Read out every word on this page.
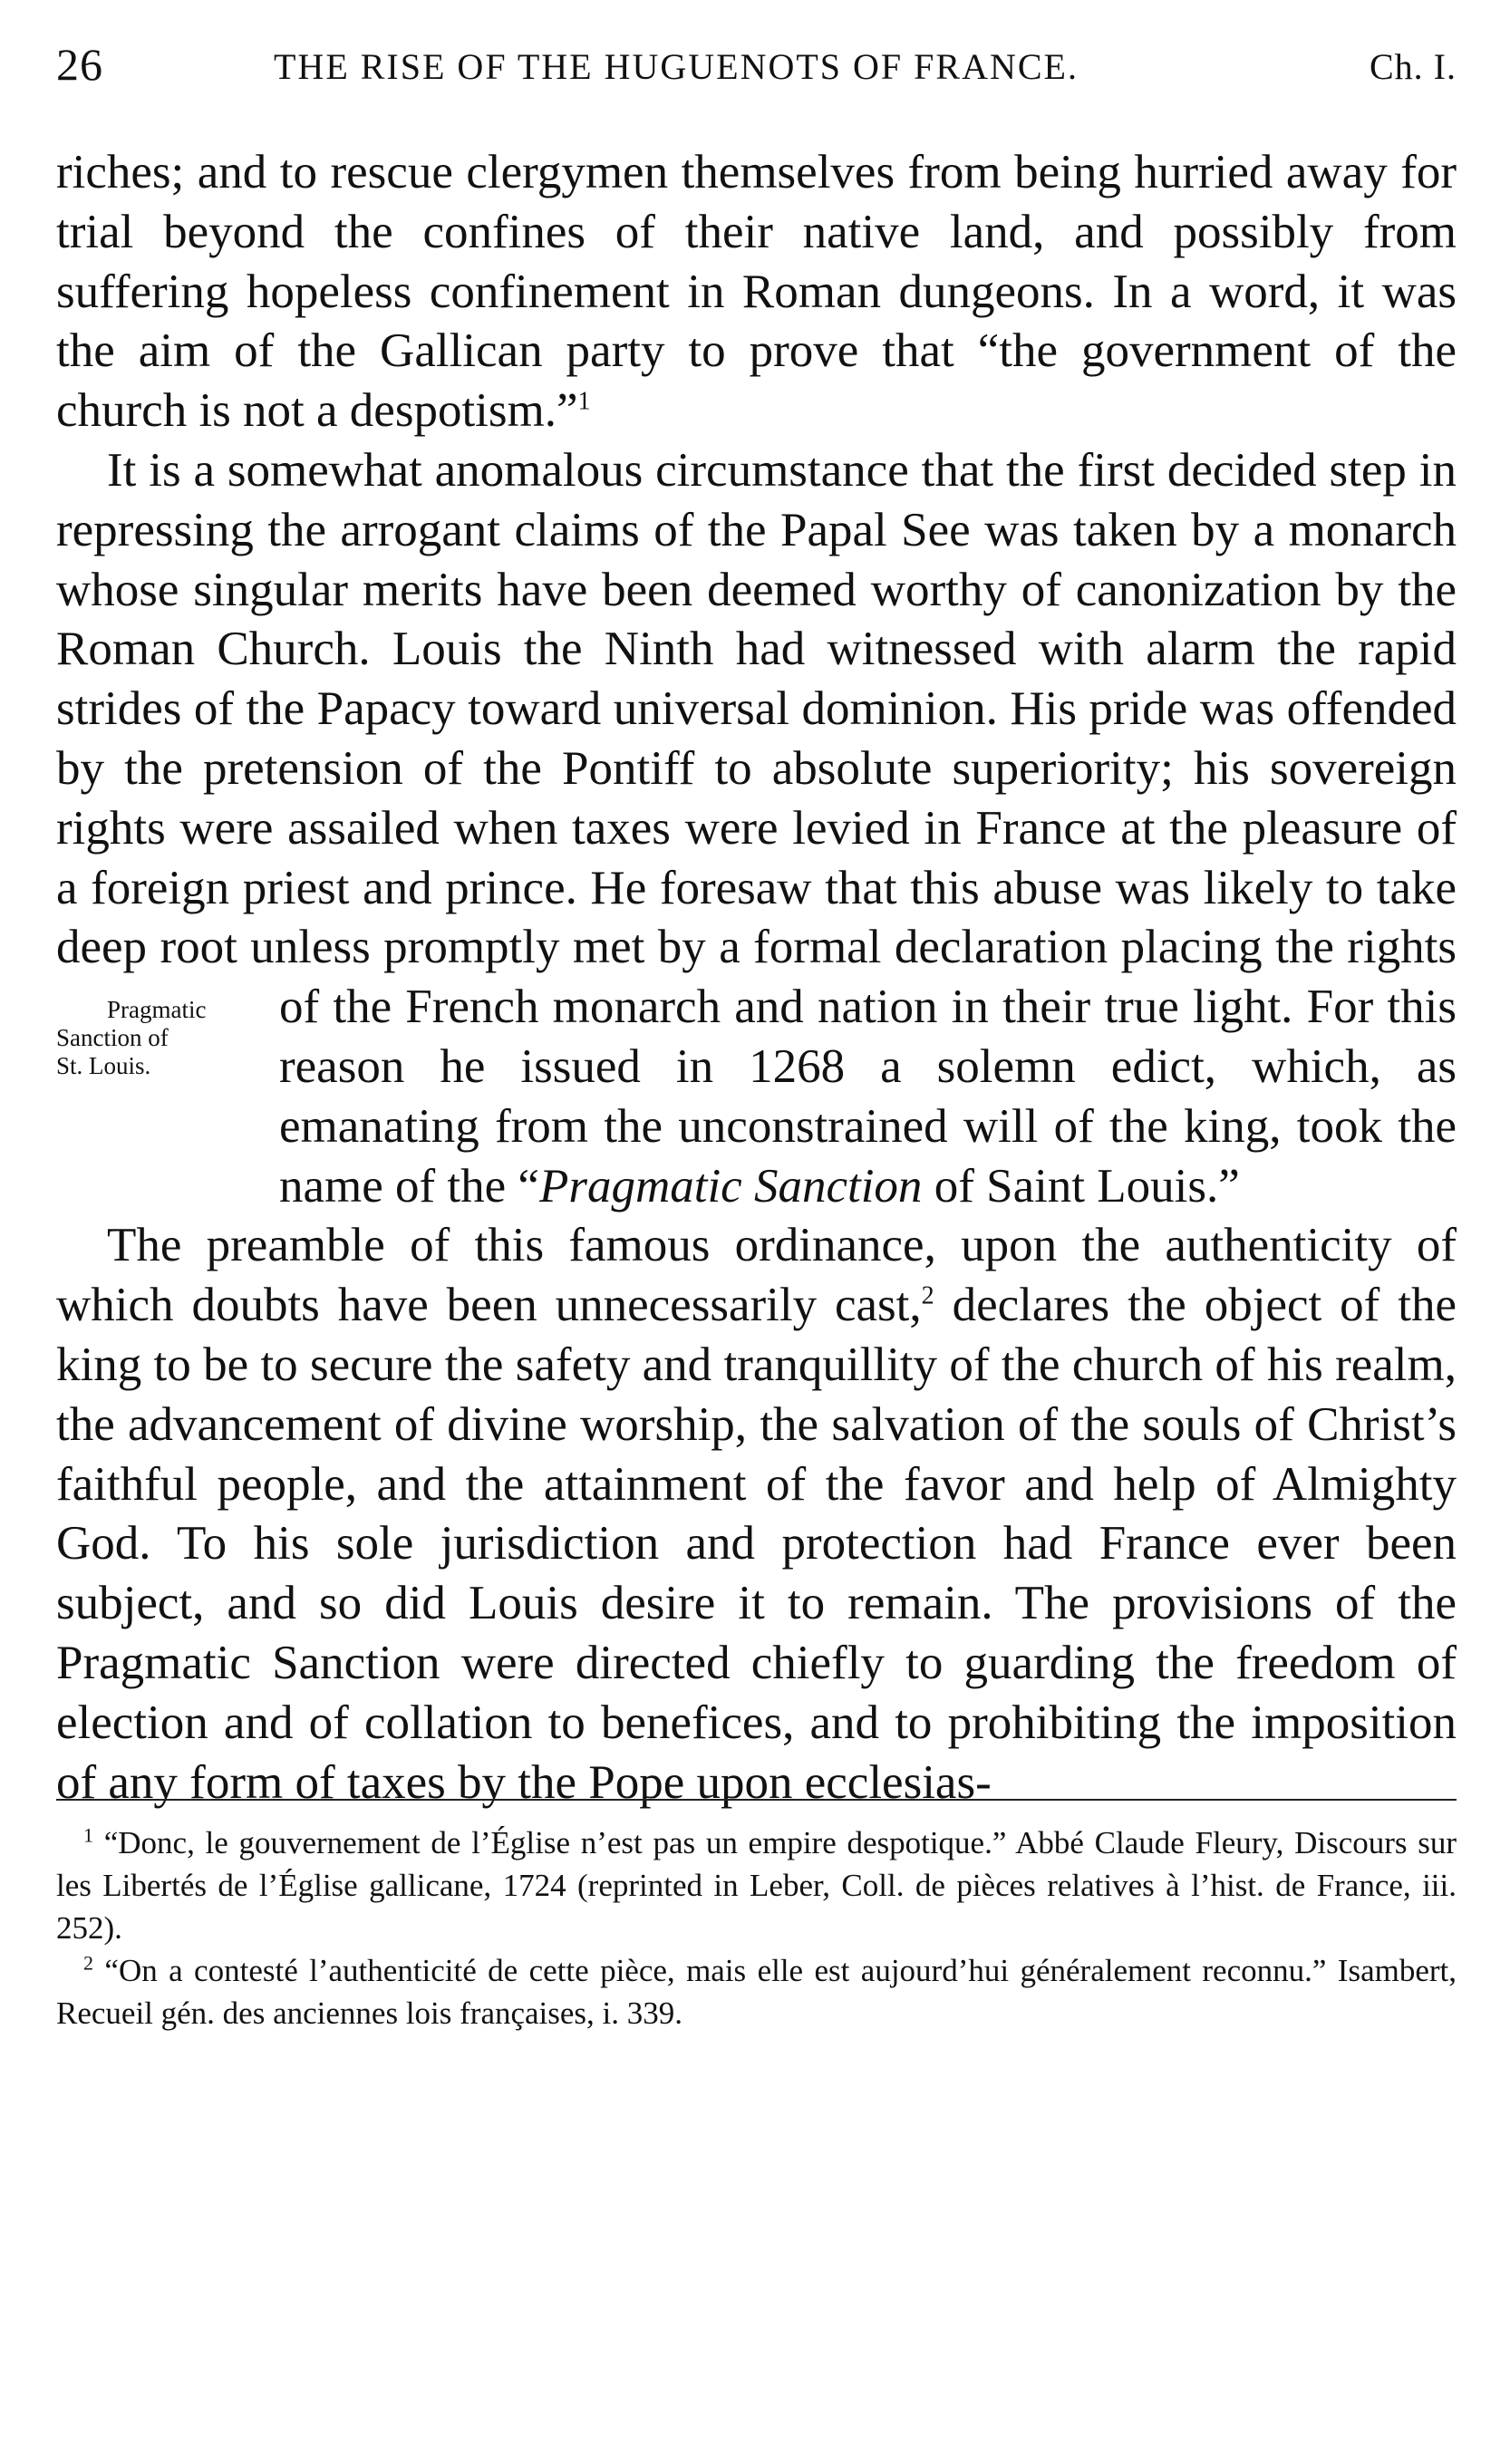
26	THE RISE OF THE HUGUENOTS OF FRANCE.	Ch. I.

riches; and to rescue clergymen themselves from being hurried away for trial beyond the confines of their native land, and possibly from suffering hopeless confinement in Roman dungeons. In a word, it was the aim of the Gallican party to prove that “the government of the church is not a despotism.”$^1$

It is a somewhat anomalous circumstance that the first decided step in repressing the arrogant claims of the Papal See was taken by a monarch whose singular merits have been deemed worthy of canonization by the Roman Church. Louis the Ninth had witnessed with alarm the rapid strides of the Papacy toward universal dominion. His pride was offended by the pretension of the Pontiff to absolute superiority; his sovereign rights were assailed when taxes were levied in France at the pleasure of a foreign priest and prince. He foresaw that this abuse was likely to take deep root unless promptly met by a formal declaration placing the rights of the French monarch
Pragmatic
Sanction of
St. Louis.
and nation in their true light. For this reason he issued in 1268 a solemn edict, which, as emanating from the unconstrained will of the king, took the name of the “Pragmatic Sanction of Saint Louis.”

The preamble of this famous ordinance, upon the authenticity of which doubts have been unnecessarily cast,$^2$ declares the object of the king to be to secure the safety and tranquillity of the church of his realm, the advancement of divine worship, the salvation of the souls of Christ’s faithful people, and the attainment of the favor and help of Almighty God. To his sole jurisdiction and protection had France ever been subject, and so did Louis desire it to remain. The provisions of the Pragmatic Sanction were directed chiefly to guarding the freedom of election and of collation to benefices, and to prohibiting the imposition of any form of taxes by the Pope upon ecclesias-

$^1$ “Donc, le gouvernement de l’Église n’est pas un empire despotique.” Abbé Claude Fleury, Discours sur les Libertés de l’Église gallicane, 1724 (reprinted in Leber, Coll. de pièces relatives à l’hist. de France, iii. 252).

$^2$ “On a contesté l’authenticité de cette pièce, mais elle est aujourd’hui généralement reconnu.” Isambert, Recueil gén. des anciennes lois françaises, i. 339.
